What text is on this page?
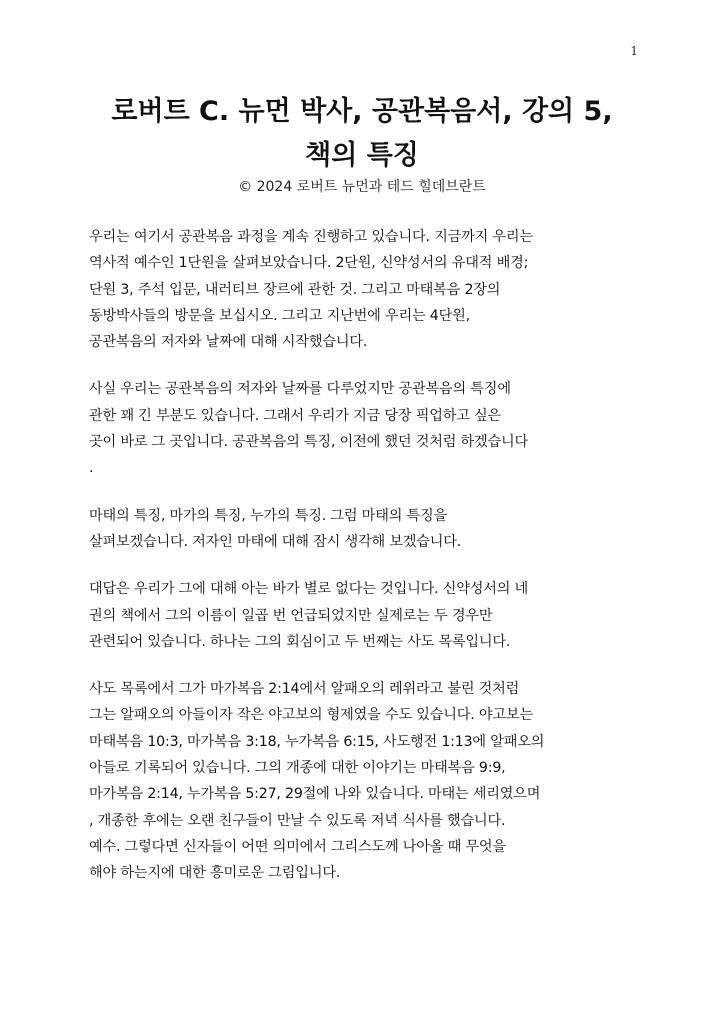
1
로버트 C. 뉴먼 박사, 공관복음서, 강의 5,
책의 특징
© 2024 로버트 뉴먼과 테드 힐데브란트

우리는 여기서 공관복음 과정을 계속 진행하고 있습니다. 지금까지 우리는
역사적 예수인 1단원을 살펴보았습니다. 2단원, 신약성서의 유대적 배경;
단원 3, 주석 입문, 내러티브 장르에 관한 것. 그리고 마태복음 2장의
동방박사들의 방문을 보십시오. 그리고 지난번에 우리는 4단원,
공관복음의 저자와 날짜에 대해 시작했습니다.

사실 우리는 공관복음의 저자와 날짜를 다루었지만 공관복음의 특징에
관한 꽤 긴 부분도 있습니다. 그래서 우리가 지금 당장 픽업하고 싶은
곳이 바로 그 곳입니다. 공관복음의 특징, 이전에 했던 것처럼 하겠습니다
.

마태의 특징, 마가의 특징, 누가의 특징. 그럼 마태의 특징을
살펴보겠습니다. 저자인 마태에 대해 잠시 생각해 보겠습니다.

대답은 우리가 그에 대해 아는 바가 별로 없다는 것입니다. 신약성서의 네
권의 책에서 그의 이름이 일곱 번 언급되었지만 실제로는 두 경우만
관련되어 있습니다. 하나는 그의 회심이고 두 번째는 사도 목록입니다.

사도 목록에서 그가 마가복음 2:14에서 알패오의 레위라고 불린 것처럼
그는 알패오의 아들이자 작은 야고보의 형제였을 수도 있습니다. 야고보는
마태복음 10:3, 마가복음 3:18, 누가복음 6:15, 사도행전 1:13에 알패오의
아들로 기록되어 있습니다. 그의 개종에 대한 이야기는 마태복음 9:9,
마가복음 2:14, 누가복음 5:27, 29절에 나와 있습니다. 마태는 세리였으며
, 개종한 후에는 오랜 친구들이 만날 수 있도록 저녁 식사를 했습니다.
예수. 그렇다면 신자들이 어떤 의미에서 그리스도께 나아올 때 무엇을
해야 하는지에 대한 흥미로운 그림입니다.
